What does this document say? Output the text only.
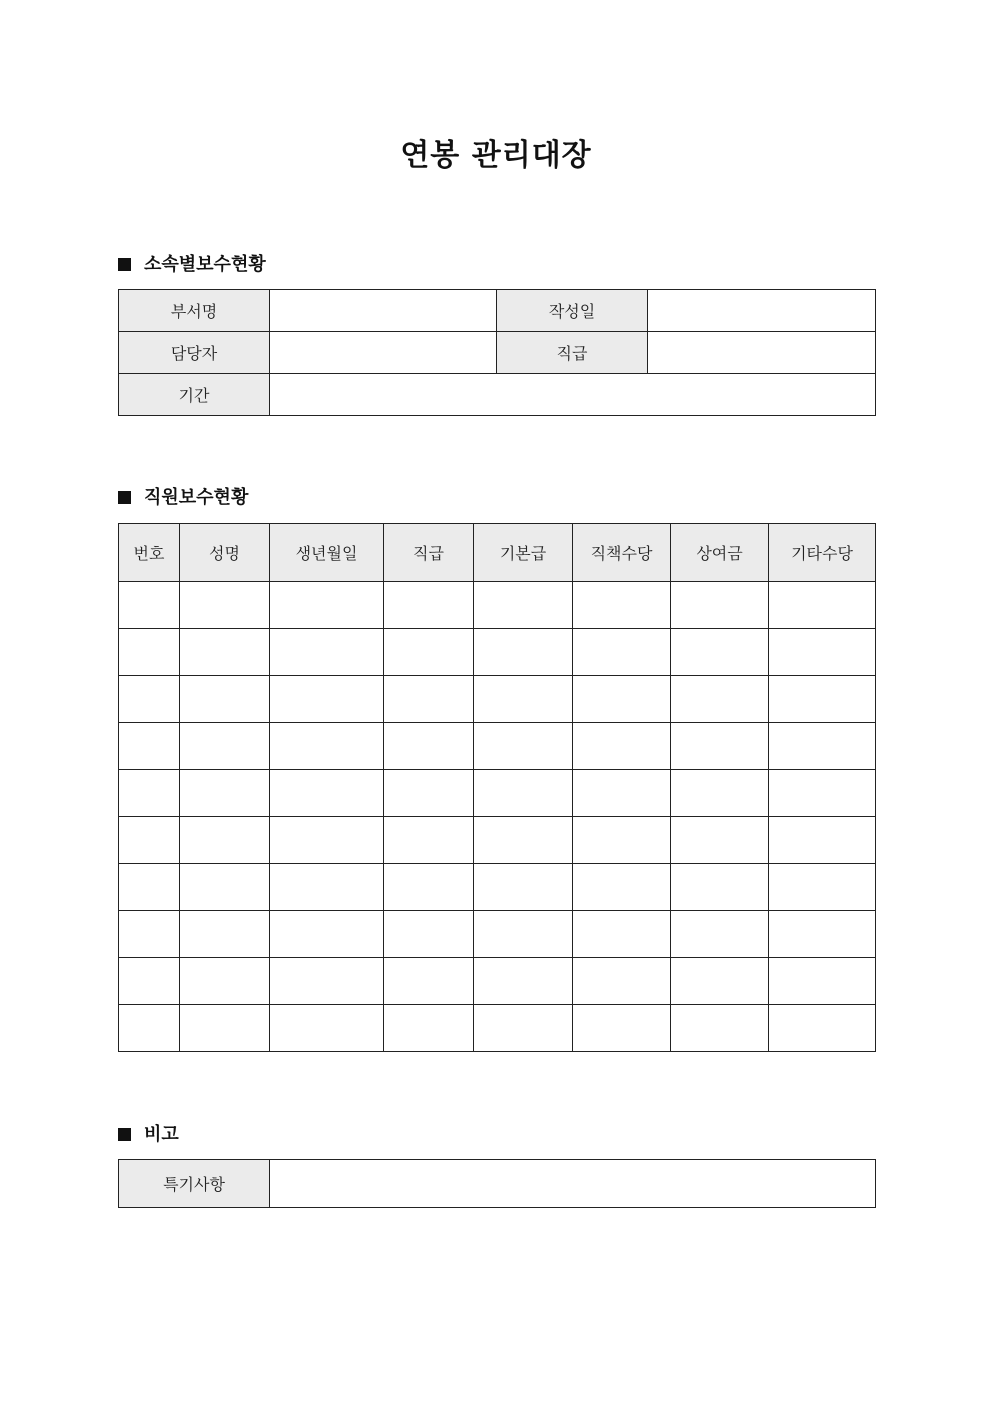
연봉 관리대장
소속별보수현황
부서명		작성일	
담당자		직급	
기간			
직원보수현황
번호	성명	생년월일	직급	기본급	직책수당	상여금	기타수당

비고
특기사항	
